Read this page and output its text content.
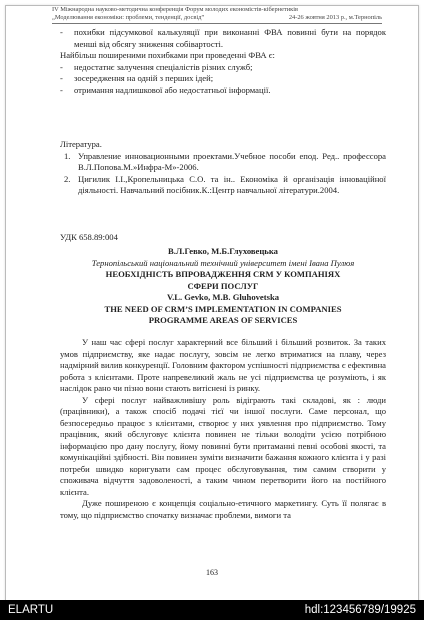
IV Міжнародна науково-методична конференція Форум молодих економістів-кібернетиків
„Моделювання економіки: проблеми, тенденції, досвід”	24-26 жовтня 2013 р., м.Тернопіль
-	похибки підсумкової калькуляції при виконанні ФВА повинні бути на порядок менші від обсягу зниження собівартості.
Найбільш поширеними похибками при проведенні ФВА є:
-	недостатнє залучення спеціалістів різних служб;
-	зосередження на одній з перших ідей;
-	отримання надлишкової або недостатньої інформації.
Література.
1. Управление инновационными проектами.Учебное пособи епод. Ред.. профессора В.Л.Попова.М.»Инфра-М»-2006.
2. Цигилик І.І.,Кропельницька С.О. та ін.. Економіка й організація інноваційної діяльності. Навчальний посібник.К.:Центр навчальної літератури.2004.
УДК 658.89:004
В.Л.Гевко, М.Б.Глуховецька
Тернопільський національний технічний університет імені Івана Пулюя
НЕОБХІДНІСТЬ ВПРОВАДЖЕННЯ CRM У КОМПАНІЯХ
СФЕРИ ПОСЛУГ
V.L. Gevko, M.B. Gluhovetska
THE NEED OF CRM’S IMPLEMENTATION IN COMPANIES
PROGRAMME AREAS OF SERVICES
У наш час сфері послуг характерний все більший і більший розвиток. За таких умов підприємству, яке надає послугу, зовсім не легко втриматися на плаву, через надмірний вилив конкуренції. Головним фактором успішності підприємства є ефективна робота з клієнтами. Проте напревеликий жаль не усі підприємства це розуміють, і як наслідок рано чи пізно вони стають витіснені із ринку.
У сфері послуг найважливішу роль відіграють такі складові, як : люди (працівники), а також спосіб подачі тієї чи іншої послуги. Саме персонал, що безпосередньо працює з клієнтами, створює у них уявлення про підприємство. Тому працівник, який обслуговує клієнта повинен не тільки володіти усією потрібною інформацією про дану послугу, йому повинні бути притаманні певні особові якості, та комунікаційні здібності. Він повинен зуміти визначити бажання кожного клієнта і у разі потреби швидко коригувати сам процес обслуговування, тим самим створити у споживача відчуття задоволеності, а таким чином перетворити його на постійного клієнта.
Дуже поширеною є концепція соціально-етичного маркетингу. Суть її полягає в тому, що підприємство спочатку визначає проблеми, вимоги та
163
ELARTU	hdl:123456789/19925
